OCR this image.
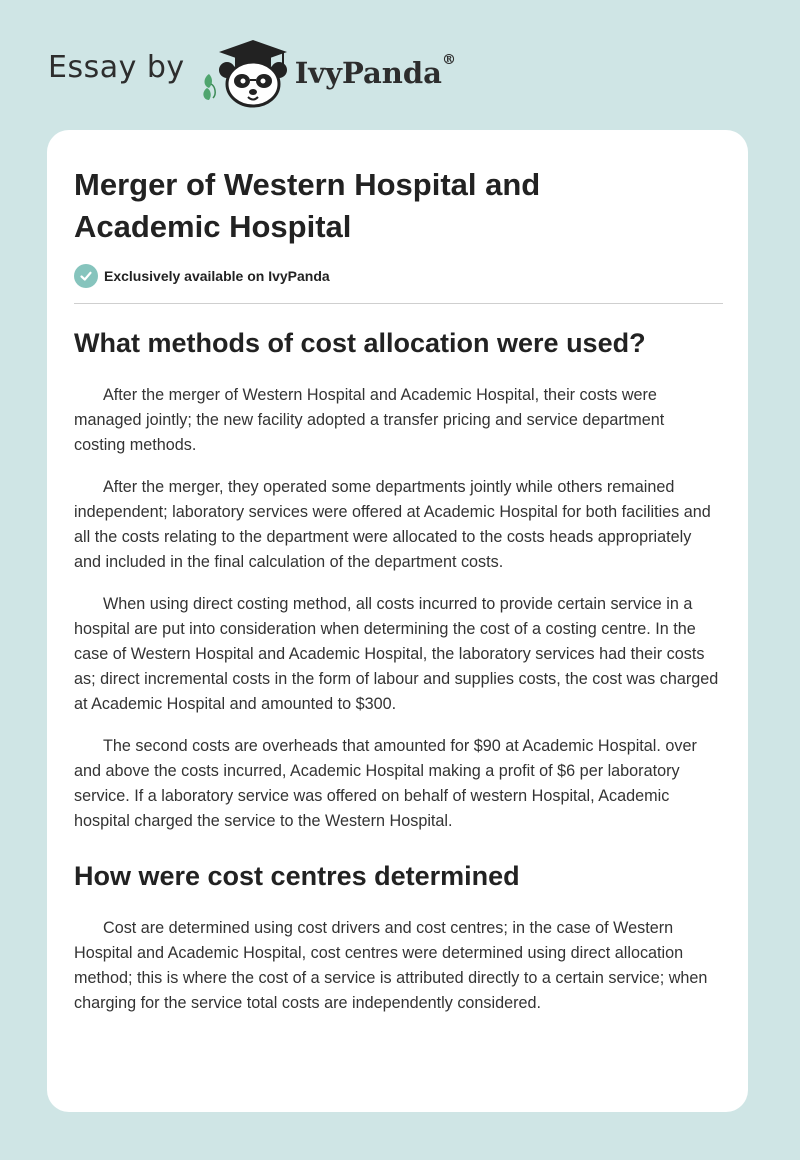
Essay by	IvyPanda®
Merger of Western Hospital and Academic Hospital
Exclusively available on IvyPanda
What methods of cost allocation were used?

After the merger of Western Hospital and Academic Hospital, their costs were managed jointly; the new facility adopted a transfer pricing and service department costing methods.

After the merger, they operated some departments jointly while others remained independent; laboratory services were offered at Academic Hospital for both facilities and all the costs relating to the department were allocated to the costs heads appropriately and included in the final calculation of the department costs.

When using direct costing method, all costs incurred to provide certain service in a hospital are put into consideration when determining the cost of a costing centre. In the case of Western Hospital and Academic Hospital, the laboratory services had their costs as; direct incremental costs in the form of labour and supplies costs, the cost was charged at Academic Hospital and amounted to $300.

The second costs are overheads that amounted for $90 at Academic Hospital. over and above the costs incurred, Academic Hospital making a profit of $6 per laboratory service. If a laboratory service was offered on behalf of western Hospital, Academic hospital charged the service to the Western Hospital.

How were cost centres determined

Cost are determined using cost drivers and cost centres; in the case of Western Hospital and Academic Hospital, cost centres were determined using direct allocation method; this is where the cost of a service is attributed directly to a certain service; when charging for the service total costs are independently considered.
